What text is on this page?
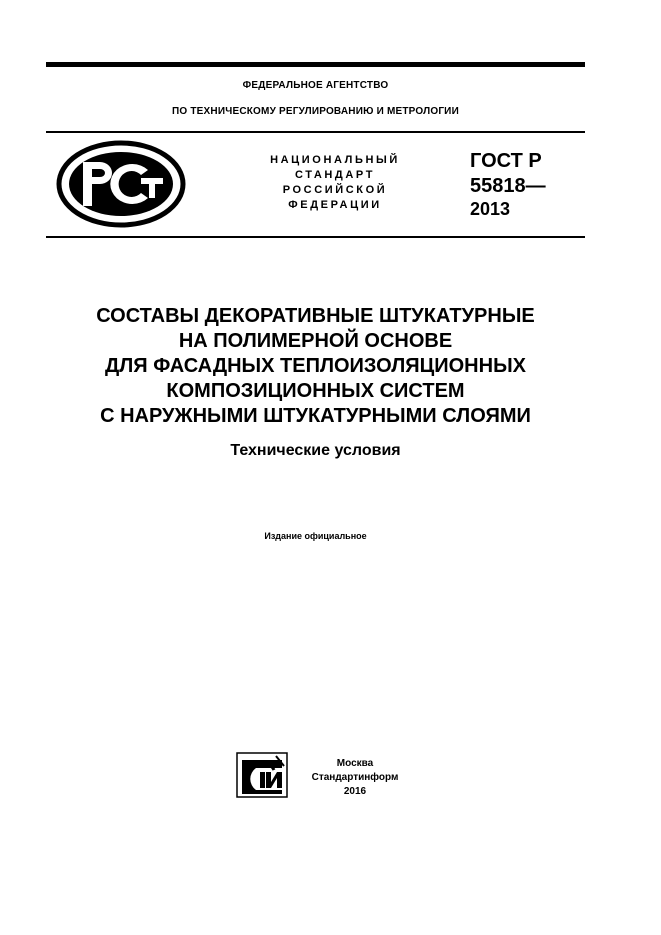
ФЕДЕРАЛЬНОЕ АГЕНТСТВО
ПО ТЕХНИЧЕСКОМУ РЕГУЛИРОВАНИЮ И МЕТРОЛОГИИ
НАЦИОНАЛЬНЫЙ
СТАНДАРТ
РОССИЙСКОЙ
ФЕДЕРАЦИИ
ГОСТ Р
55818—
2013
СОСТАВЫ ДЕКОРАТИВНЫЕ ШТУКАТУРНЫЕ
НА ПОЛИМЕРНОЙ ОСНОВЕ
ДЛЯ ФАСАДНЫХ ТЕПЛОИЗОЛЯЦИОННЫХ
КОМПОЗИЦИОННЫХ СИСТЕМ
С НАРУЖНЫМИ ШТУКАТУРНЫМИ СЛОЯМИ
Технические условия
Издание официальное
Москва
Стандартинформ
2016
